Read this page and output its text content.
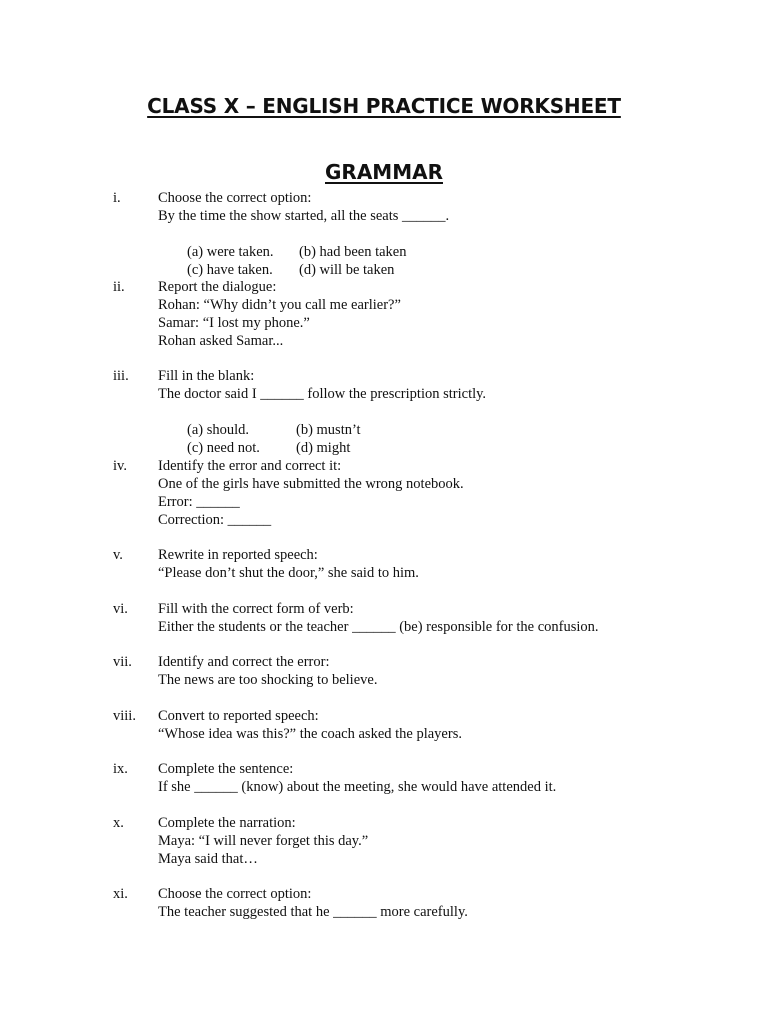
CLASS X – ENGLISH PRACTICE WORKSHEET
GRAMMAR
i.	Choose the correct option:
By the time the show started, all the seats ______.

(a) were taken. (b) had been taken

(c) have taken. (d) will be taken

ii. Report the dialogue:
Rohan: “Why didn’t you call me earlier?”
Samar: “I lost my phone.”
Rohan asked Samar...
iii. Fill in the blank:
The doctor said I ______ follow the prescription strictly.

(a) should.	(b) mustn’t

(c) need not. (d) might

iv. Identify the error and correct it:
One of the girls have submitted the wrong notebook.
Error: ______
Correction: ______
v. Rewrite in reported speech:
“Please don’t shut the door,” she said to him.
vi. Fill with the correct form of verb:
Either the students or the teacher ______ (be) responsible for the confusion.
vii. Identify and correct the error:
The news are too shocking to believe.
viii. Convert to reported speech:
“Whose idea was this?” the coach asked the players.
ix. Complete the sentence:
If she ______ (know) about the meeting, she would have attended it.
x. Complete the narration:
Maya: “I will never forget this day.”
Maya said that…
xi. Choose the correct option:
The teacher suggested that he ______ more carefully.
